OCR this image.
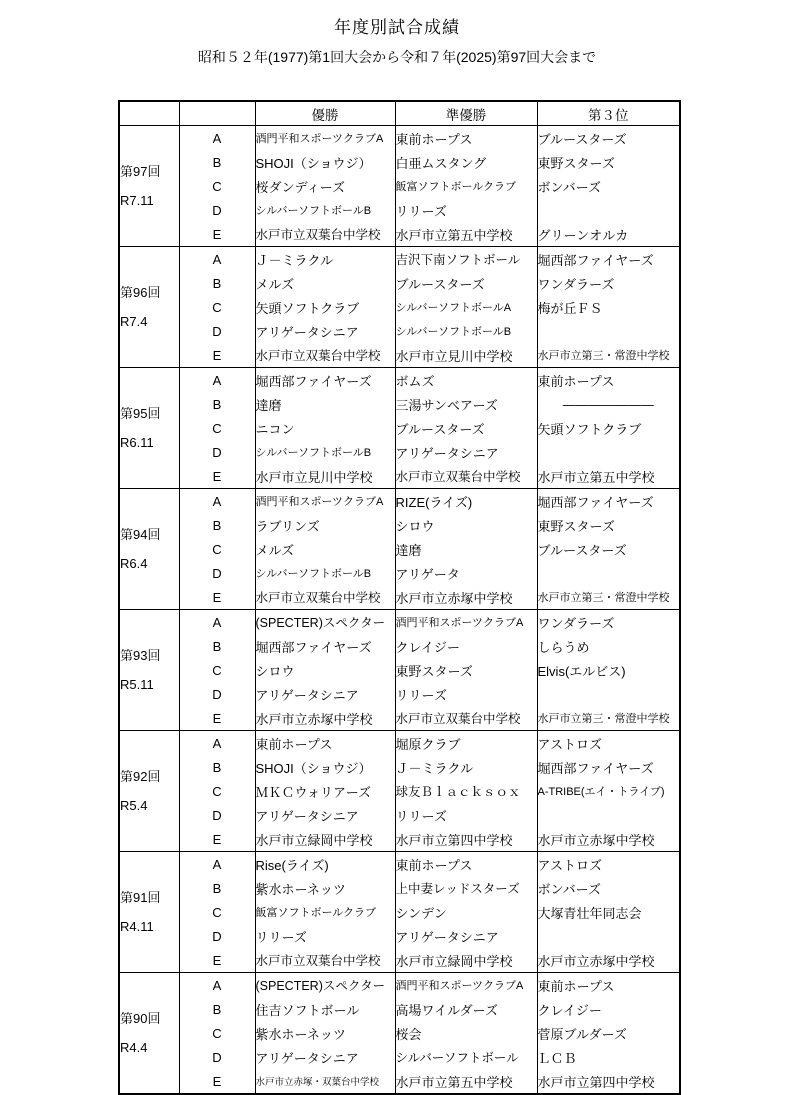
年度別試合成績
昭和５２年(1977)第1回大会から令和７年(2025)第97回大会まで
		優勝	準優勝	第３位

第97回
R7.11	A	酒門平和スポーツクラブA	東前ホープス	ブルースターズ
	B	SHOJI（ショウジ）	白亜ムスタング	東野スターズ
	C	桜ダンディーズ	飯富ソフトボールクラブ	ボンバーズ
	D	シルバーソフトボールB	リリーズ	
	E	水戸市立双葉台中学校	水戸市立第五中学校	グリーンオルカ

第96回
R7.4	A	Ｊ－ミラクル	吉沢下南ソフトボール	堀西部ファイヤーズ
	B	メルズ	ブルースターズ	ワンダラーズ
	C	矢頭ソフトクラブ	シルバーソフトボールA	梅が丘ＦＳ
	D	アリゲータシニア	シルバーソフトボールB	
	E	水戸市立双葉台中学校	水戸市立見川中学校	水戸市立第三・常澄中学校

第95回
R6.11	A	堀西部ファイヤーズ	ボムズ	東前ホープス
	B	達磨	三湯サンベアーズ	―――――――
	C	ニコン	ブルースターズ	矢頭ソフトクラブ
	D	シルバーソフトボールB	アリゲータシニア	
	E	水戸市立見川中学校	水戸市立双葉台中学校	水戸市立第五中学校

第94回
R6.4	A	酒門平和スポーツクラブA	RIZE(ライズ)	堀西部ファイヤーズ
	B	ラブリンズ	シロウ	東野スターズ
	C	メルズ	達磨	ブルースターズ
	D	シルバーソフトボールB	アリゲータ	
	E	水戸市立双葉台中学校	水戸市立赤塚中学校	水戸市立第三・常澄中学校

第93回
R5.11	A	(SPECTER)スペクター	酒門平和スポーツクラブA	ワンダラーズ
	B	堀西部ファイヤーズ	クレイジー	しらうめ
	C	シロウ	東野スターズ	Elvis(エルビス)
	D	アリゲータシニア	リリーズ	
	E	水戸市立赤塚中学校	水戸市立双葉台中学校	水戸市立第三・常澄中学校

第92回
R5.4	A	東前ホープス	堀原クラブ	アストロズ
	B	SHOJI（ショウジ）	Ｊ－ミラクル	堀西部ファイヤーズ
	C	ＭＫＣウォリアーズ	球友Ｂｌａｃｋｓｏｘ	A-TRIBE(エイ・トライブ)
	D	アリゲータシニア	リリーズ	
	E	水戸市立緑岡中学校	水戸市立第四中学校	水戸市立赤塚中学校

第91回
R4.11	A	Rise(ライズ)	東前ホープス	アストロズ
	B	紫水ホーネッツ	上中妻レッドスターズ	ボンバーズ
	C	飯富ソフトボールクラブ	シンデン	大塚青壮年同志会
	D	リリーズ	アリゲータシニア	
	E	水戸市立双葉台中学校	水戸市立緑岡中学校	水戸市立赤塚中学校

第90回
R4.4	A	(SPECTER)スペクター	酒門平和スポーツクラブA	東前ホープス
	B	住吉ソフトボール	高場ワイルダーズ	クレイジー
	C	紫水ホーネッツ	桜会	菅原ブルダーズ
	D	アリゲータシニア	シルバーソフトボール	ＬＣＢ
	E	水戸市立赤塚・双葉台中学校	水戸市立第五中学校	水戸市立第四中学校
